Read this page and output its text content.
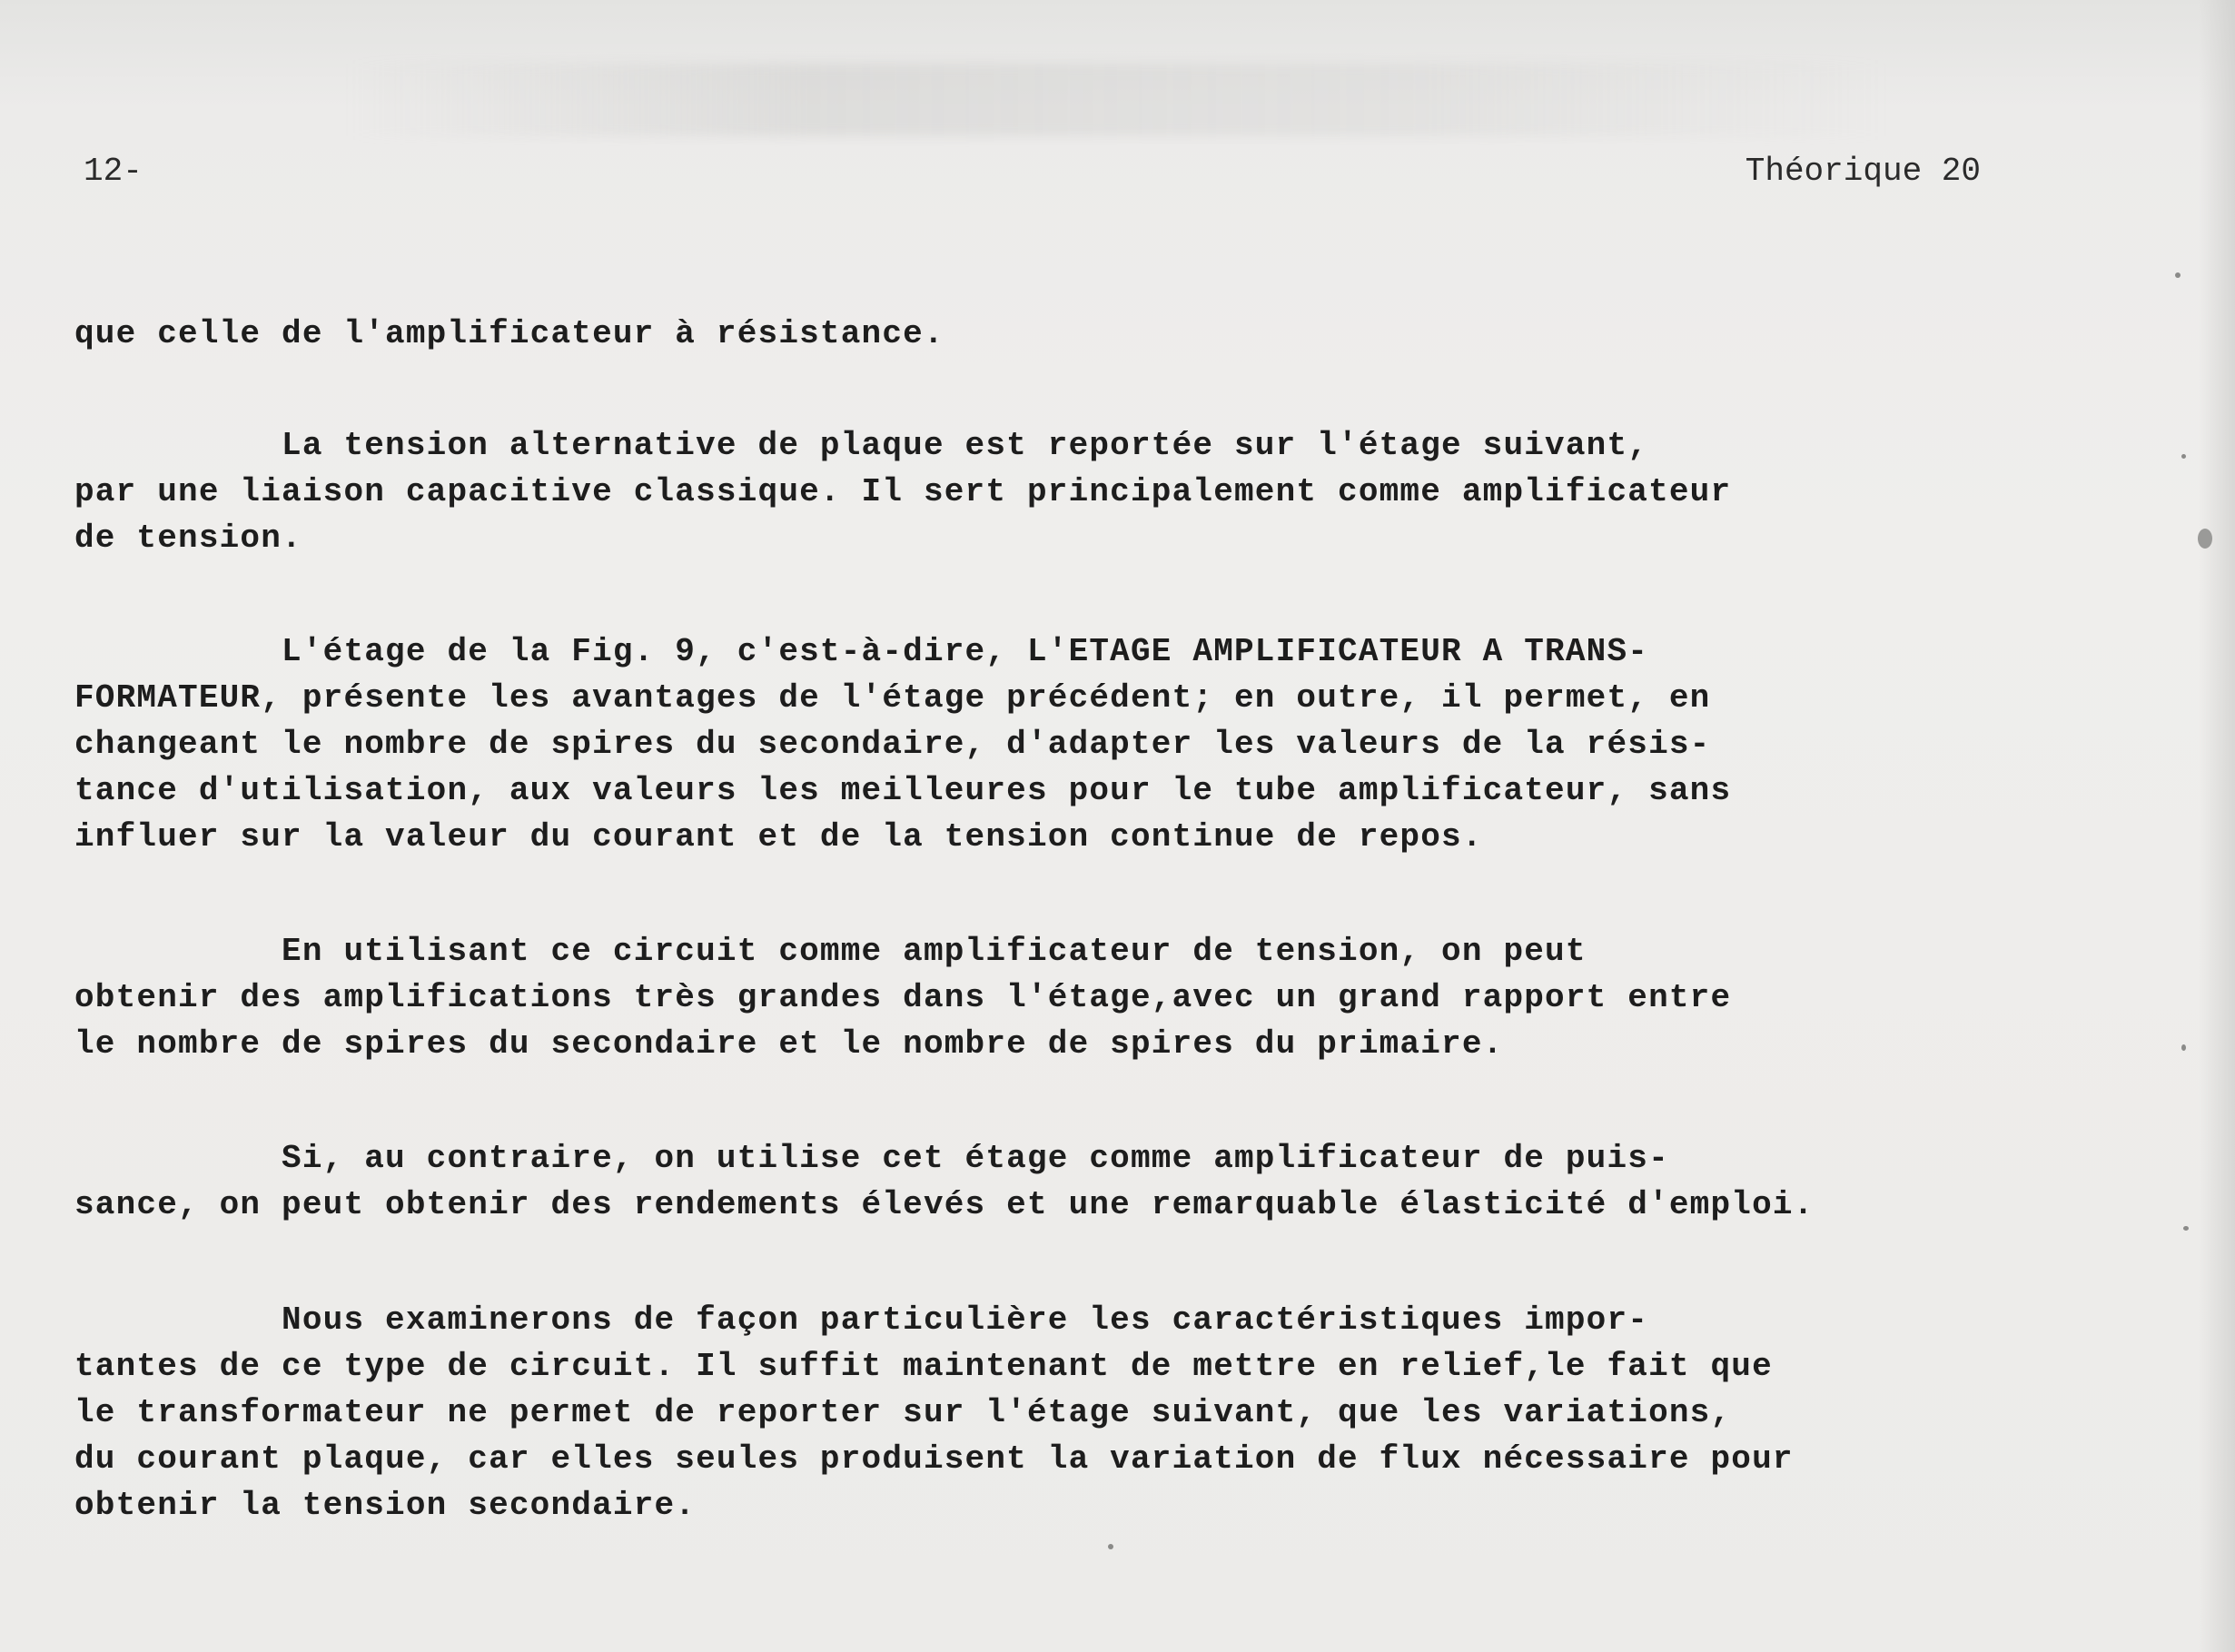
12-	Théorique 20
que celle de l'amplificateur à résistance.
La tension alternative de plaque est reportée sur l'étage suivant,
par une liaison capacitive classique. Il sert principalement comme amplificateur
de tension.
L'étage de la Fig. 9, c'est-à-dire, L'ETAGE AMPLIFICATEUR A TRANS-
FORMATEUR, présente les avantages de l'étage précédent; en outre, il permet, en
changeant le nombre de spires du secondaire, d'adapter les valeurs de la résis-
tance d'utilisation, aux valeurs les meilleures pour le tube amplificateur, sans
influer sur la valeur du courant et de la tension continue de repos.
En utilisant ce circuit comme amplificateur de tension, on peut
obtenir des amplifications très grandes dans l'étage,avec un grand rapport entre
le nombre de spires du secondaire et le nombre de spires du primaire.
Si, au contraire, on utilise cet étage comme amplificateur de puis-
sance, on peut obtenir des rendements élevés et une remarquable élasticité d'emploi.
Nous examinerons de façon particulière les caractéristiques impor-
tantes de ce type de circuit. Il suffit maintenant de mettre en relief,le fait que
le transformateur ne permet de reporter sur l'étage suivant, que les variations,
du courant plaque, car elles seules produisent la variation de flux nécessaire pour
obtenir la tension secondaire.
